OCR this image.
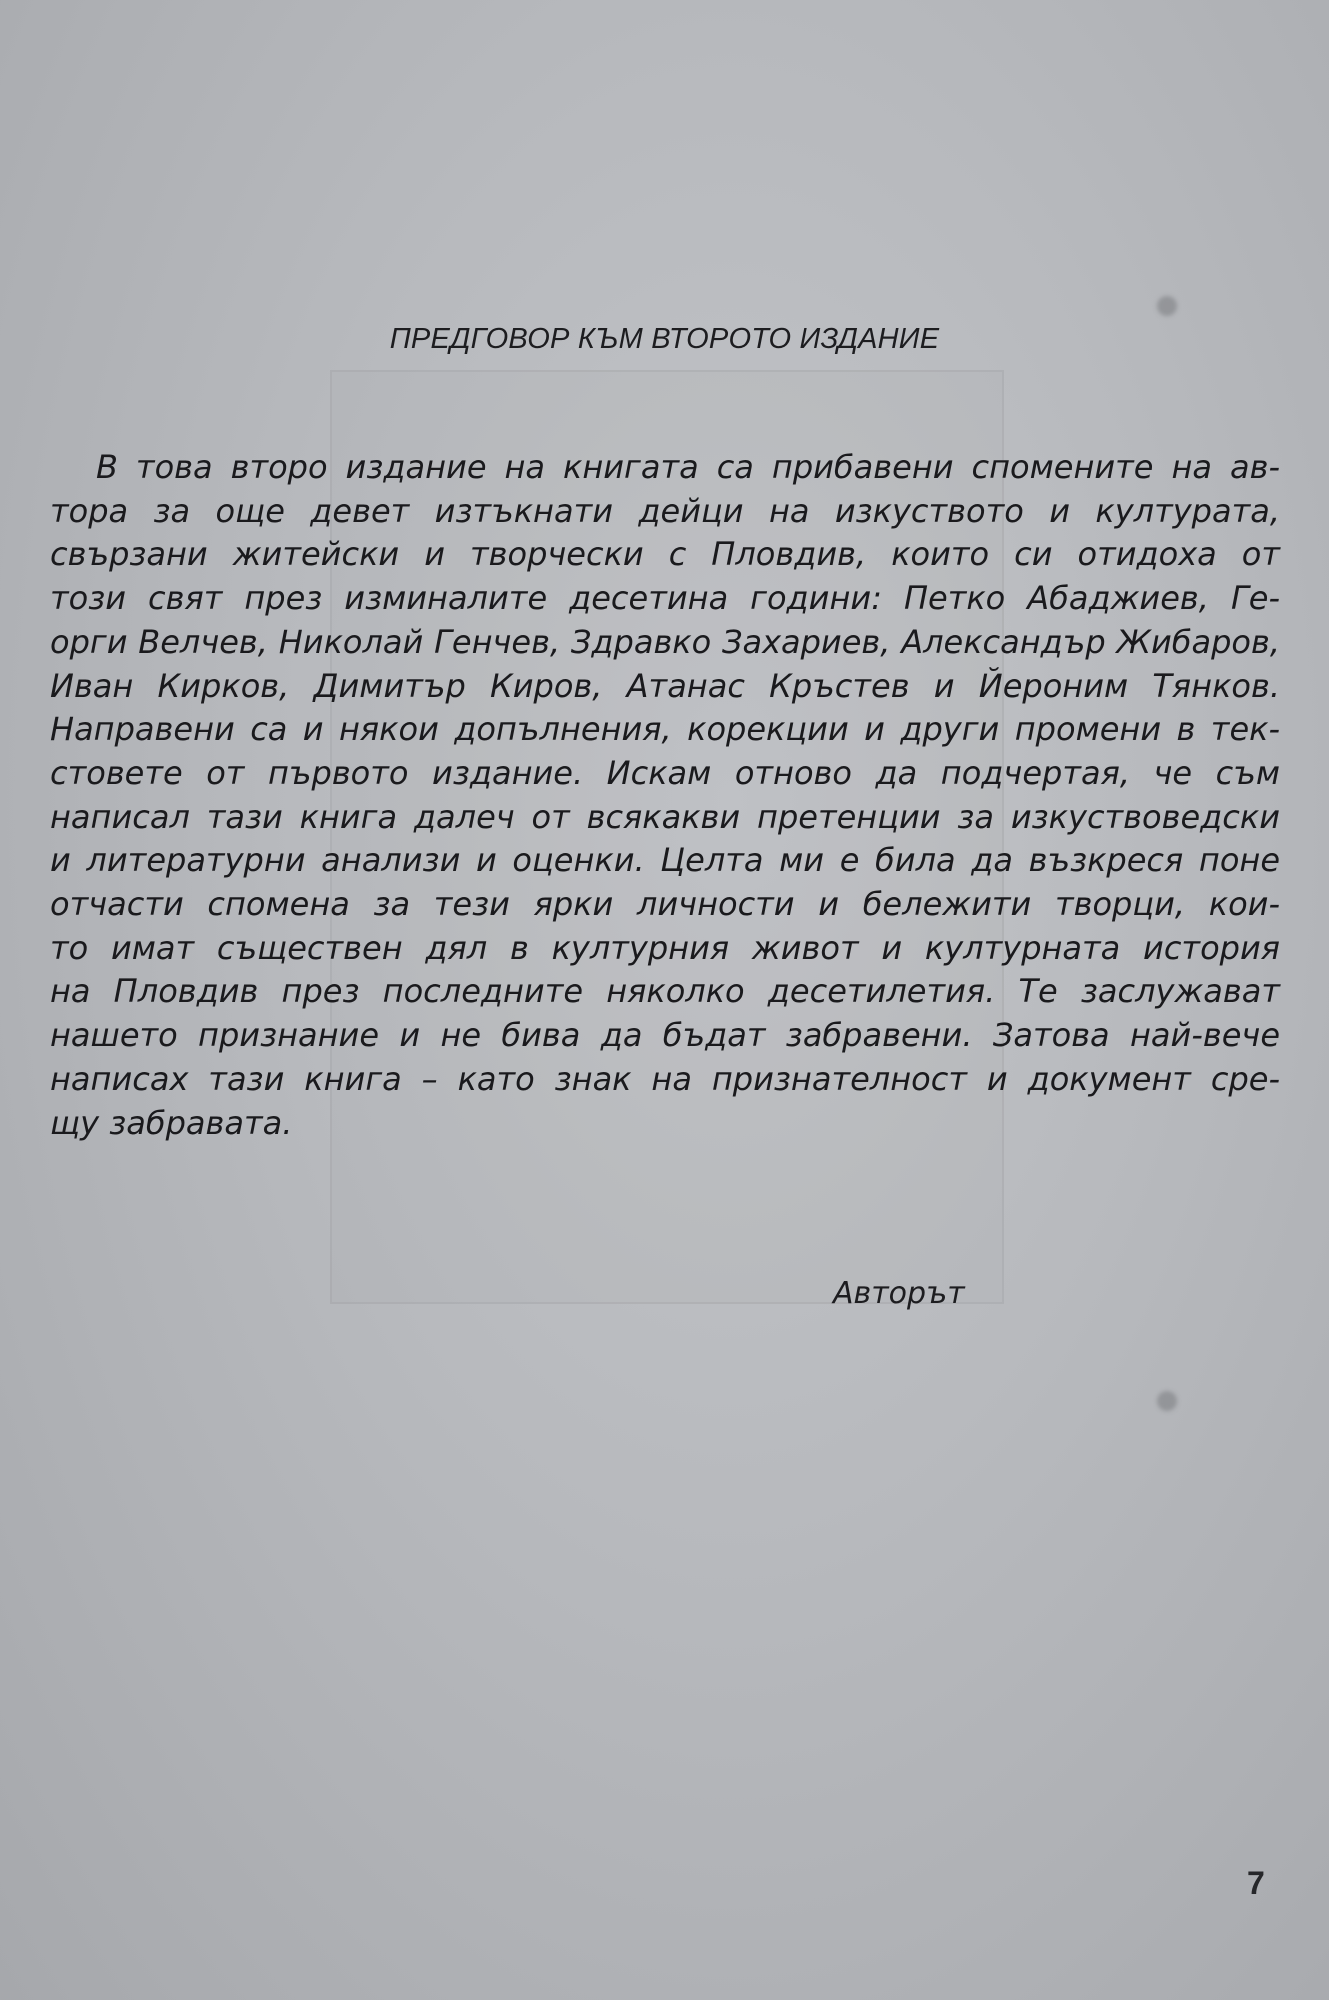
ПРЕДГОВОР КЪМ ВТОРОТО ИЗДАНИЕ
В това второ издание на книгата са прибавени спомените на ав-
тора за още девет изтъкнати дейци на изкуството и културата,
свързани житейски и творчески с Пловдив, които си отидоха от
този свят през изминалите десетина години: Петко Абаджиев, Ге-
орги Велчев, Николай Генчев, Здравко Захариев, Александър Жибаров,
Иван Кирков, Димитър Киров, Атанас Кръстев и Йероним Тянков.
Направени са и някои допълнения, корекции и други промени в тек-
стовете от първото издание. Искам отново да подчертая, че съм
написал тази книга далеч от всякакви претенции за изкуствоведски
и литературни анализи и оценки. Целта ми е била да възкреся поне
отчасти спомена за тези ярки личности и бележити творци, кои-
то имат съществен дял в културния живот и културната история
на Пловдив през последните няколко десетилетия. Те заслужават
нашето признание и не бива да бъдат забравени. Затова най-вече
написах тази книга – като знак на признателност и документ сре-
щу забравата.
Авторът
7
